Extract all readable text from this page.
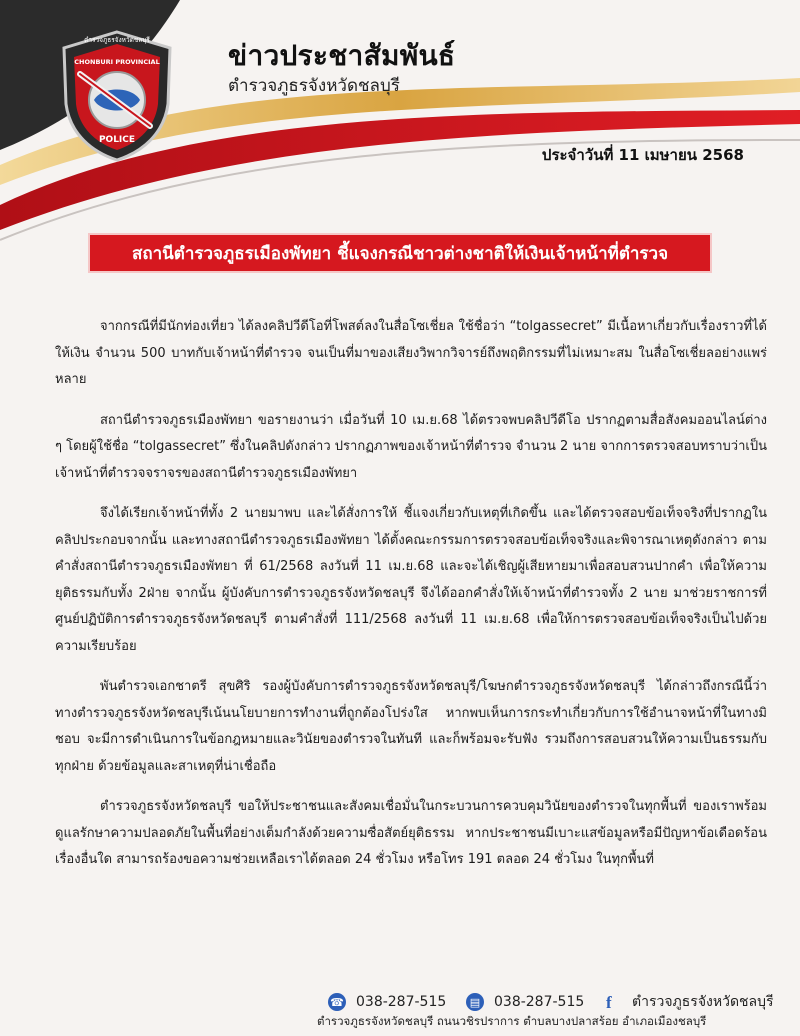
ตำรวจภูธรจังหวัดชลบุรี
CHONBURI PROVINCIAL
POLICE
ข่าวประชาสัมพันธ์
ตำรวจภูธรจังหวัดชลบุรี
ประจำวันที่ 11 เมษายน 2568
สถานีตำรวจภูธรเมืองพัทยา ชี้แจงกรณีชาวต่างชาติให้เงินเจ้าหน้าที่ตำรวจ

จากกรณีที่มีนักท่องเที่ยว ได้ลงคลิปวีดีโอที่โพสต์ลงในสื่อโซเชี่ยล ใช้ชื่อว่า “tolgassecret” มีเนื้อหาเกี่ยวกับเรื่องราวที่ได้ให้เงิน จำนวน 500 บาทกับเจ้าหน้าที่ตำรวจ จนเป็นที่มาของเสียงวิพากวิจารย์ถึงพฤติกรรมที่ไม่เหมาะสม ในสื่อโซเชี่ยลอย่างแพร่หลาย

สถานีตำรวจภูธรเมืองพัทยา ขอรายงานว่า เมื่อวันที่ 10 เม.ย.68 ได้ตรวจพบคลิปวีดีโอ ปรากฏตามสื่อสังคมออนไลน์ต่าง ๆ โดยผู้ใช้ชื่อ “tolgassecret” ซึ่งในคลิปดังกล่าว ปรากฏภาพของเจ้าหน้าที่ตำรวจ จำนวน 2 นาย จากการตรวจสอบทราบว่าเป็นเจ้าหน้าที่ตำรวจจราจรของสถานีตำรวจภูธรเมืองพัทยา

จึงได้เรียกเจ้าหน้าที่ทั้ง 2 นายมาพบ และได้สั่งการให้ ชี้แจงเกี่ยวกับเหตุที่เกิดขึ้น และได้ตรวจสอบข้อเท็จจริงที่ปรากฏในคลิปประกอบจากนั้น และทางสถานีตำรวจภูธรเมืองพัทยา ได้ตั้งคณะกรรมการตรวจสอบข้อเท็จจริงและพิจารณาเหตุดังกล่าว ตามคำสั่งสถานีตำรวจภูธรเมืองพัทยา ที่ 61/2568 ลงวันที่ 11 เม.ย.68 และจะได้เชิญผู้เสียหายมาเพื่อสอบสวนปากคำ เพื่อให้ความยุติธรรมกับทั้ง 2ฝ่าย จากนั้น ผู้บังคับการตำรวจภูธรจังหวัดชลบุรี จึงได้ออกคำสั่งให้เจ้าหน้าที่ตำรวจทั้ง 2 นาย มาช่วยราชการที่ ศูนย์ปฏิบัติการตำรวจภูธรจังหวัดชลบุรี ตามคำสั่งที่ 111/2568 ลงวันที่ 11 เม.ย.68 เพื่อให้การตรวจสอบข้อเท็จจริงเป็นไปด้วยความเรียบร้อย

พันตำรวจเอกชาตรี สุขศิริ รองผู้บังคับการตำรวจภูธรจังหวัดชลบุรี/โฆษกตำรวจภูธรจังหวัดชลบุรี ได้กล่าวถึงกรณีนี้ว่า ทางตำรวจภูธรจังหวัดชลบุรีเน้นนโยบายการทำงานที่ถูกต้องโปร่งใส หากพบเห็นการกระทำเกี่ยวกับการใช้อำนาจหน้าที่ในทางมิชอบ จะมีการดำเนินการในข้อกฎหมายและวินัยของตำรวจในทันที และก็พร้อมจะรับฟัง รวมถึงการสอบสวนให้ความเป็นธรรมกับทุกฝ่าย ด้วยข้อมูลและสาเหตุที่น่าเชื่อถือ

ตำรวจภูธรจังหวัดชลบุรี ขอให้ประชาชนและสังคมเชื่อมั่นในกระบวนการควบคุมวินัยของตำรวจในทุกพื้นที่ ของเราพร้อมดูแลรักษาความปลอดภัยในพื้นที่อย่างเต็มกำลังด้วยความซื่อสัตย์ยุติธรรม หากประชาชนมีเบาะแสข้อมูลหรือมีปัญหาข้อเดือดร้อนเรื่องอื่นใด สามารถร้องขอความช่วยเหลือเราได้ตลอด 24 ชั่วโมง หรือโทร 191 ตลอด 24 ชั่วโมง ในทุกพื้นที่

☎ 038-287-515	▤ 038-287-515 f	ตำรวจภูธรจังหวัดชลบุรี
ตำรวจภูธรจังหวัดชลบุรี ถนนวชิรปราการ ตำบลบางปลาสร้อย อำเภอเมืองชลบุรี
